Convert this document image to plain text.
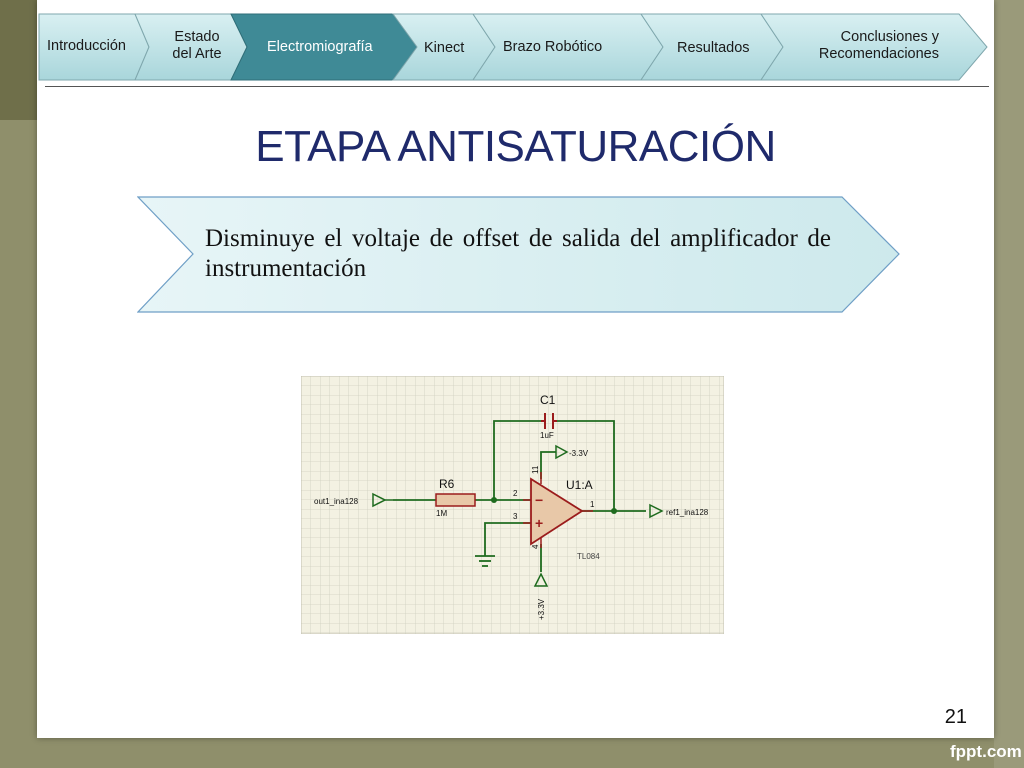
Introducción
Estado
del Arte	Electromiografía	Kinect	Brazo Robótico	Resultados
Conclusiones y
Recomendaciones
ETAPA ANTISATURACIÓN
Disminuye el voltaje de offset de salida del amplificador de instrumentación
C1
1uF
R6
1M
U1:A
TL084
out1_ina128
ref1_ina128
-3.3V
+3.3V
2
3
1
11
4
−
+
21
fppt.com
